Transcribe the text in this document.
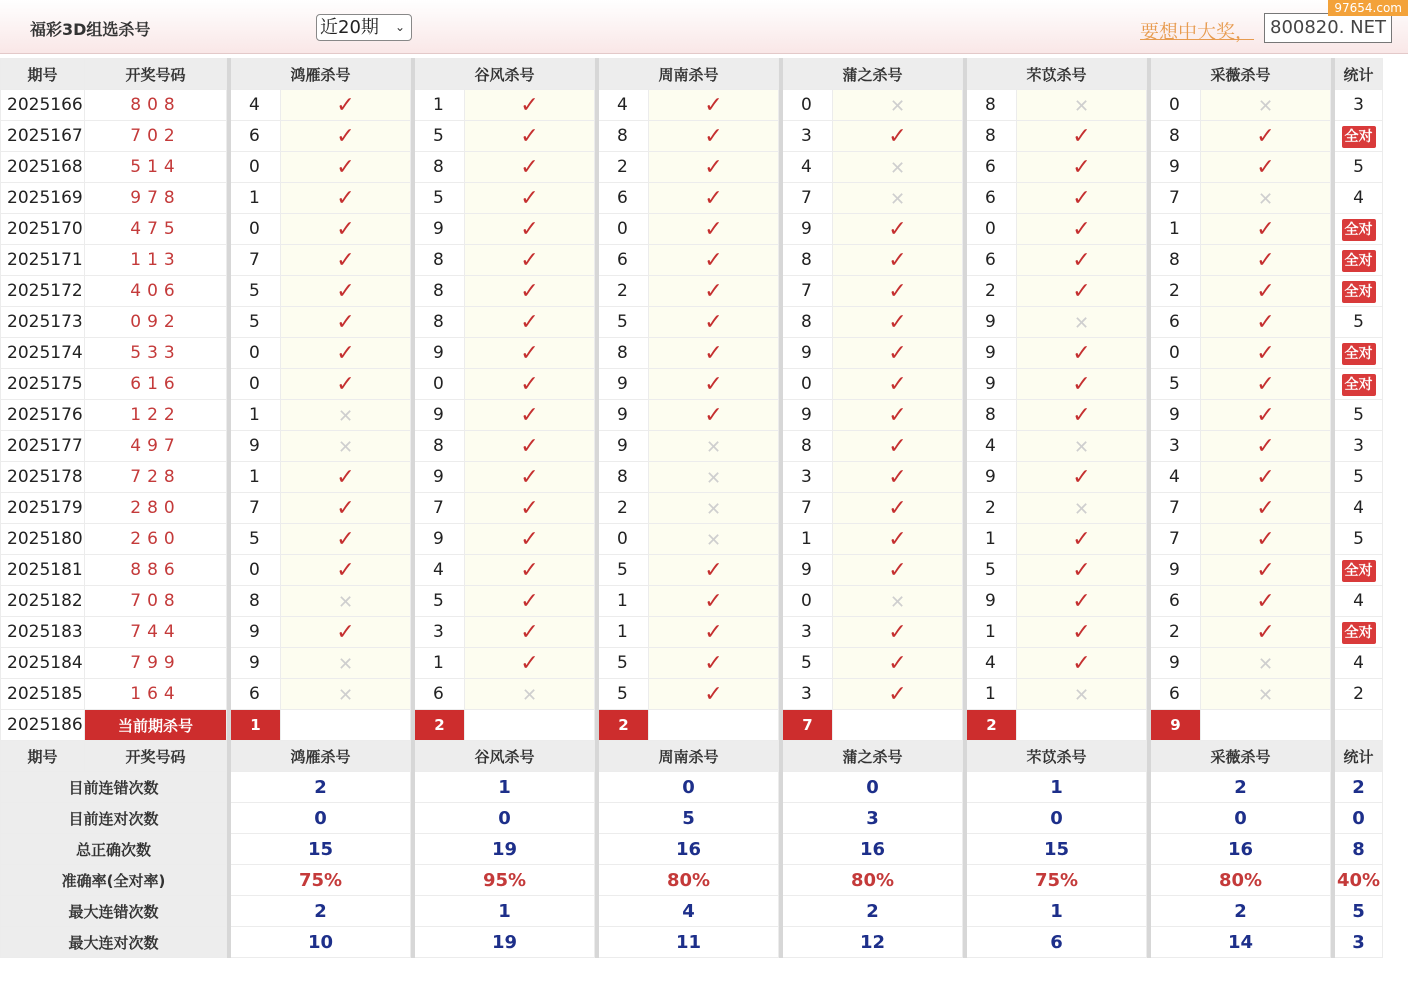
福彩3D组选杀号	近20期 ⌄	要想中大奖， 800820. NET
97654.com
期号	开奖号码		鸿雁杀号			谷风杀号			周南杀号			蒲之杀号			芣苡杀号			采薇杀号			统计
2025166	808		4	✓		1	✓		4	✓		0	✕		8	✕		0	✕		3
2025167	702		6	✓		5	✓		8	✓		3	✓		8	✓		8	✓		全对
2025168	514		0	✓		8	✓		2	✓		4	✕		6	✓		9	✓		5
2025169	978		1	✓		5	✓		6	✓		7	✕		6	✓		7	✕		4
2025170	475		0	✓		9	✓		0	✓		9	✓		0	✓		1	✓		全对
2025171	113		7	✓		8	✓		6	✓		8	✓		6	✓		8	✓		全对
2025172	406		5	✓		8	✓		2	✓		7	✓		2	✓		2	✓		全对
2025173	092		5	✓		8	✓		5	✓		8	✓		9	✕		6	✓		5
2025174	533		0	✓		9	✓		8	✓		9	✓		9	✓		0	✓		全对
2025175	616		0	✓		0	✓		9	✓		0	✓		9	✓		5	✓		全对
2025176	122		1	✕		9	✓		9	✓		9	✓		8	✓		9	✓		5
2025177	497		9	✕		8	✓		9	✕		8	✓		4	✕		3	✓		3
2025178	728		1	✓		9	✓		8	✕		3	✓		9	✓		4	✓		5
2025179	280		7	✓		7	✓		2	✕		7	✓		2	✕		7	✓		4
2025180	260		5	✓		9	✓		0	✕		1	✓		1	✓		7	✓		5
2025181	886		0	✓		4	✓		5	✓		9	✓		5	✓		9	✓		全对
2025182	708		8	✕		5	✓		1	✓		0	✕		9	✓		6	✓		4
2025183	744		9	✓		3	✓		1	✓		3	✓		1	✓		2	✓		全对
2025184	799		9	✕		1	✓		5	✓		5	✓		4	✓		9	✕		4
2025185	164		6	✕		6	✕		5	✓		3	✓		1	✕		6	✕		2
2025186	当前期杀号		1			2			2			7			2			9			
期号	开奖号码		鸿雁杀号			谷风杀号			周南杀号			蒲之杀号			芣苡杀号			采薇杀号			统计
目前连错次数			2			1			0			0			1			2			2
目前连对次数			0			0			5			3			0			0			0
总正确次数			15			19			16			16			15			16			8
准确率(全对率)			75%			95%			80%			80%			75%			80%			40%
最大连错次数			2			1			4			2			1			2			5
最大连对次数			10			19			11			12			6			14			3
